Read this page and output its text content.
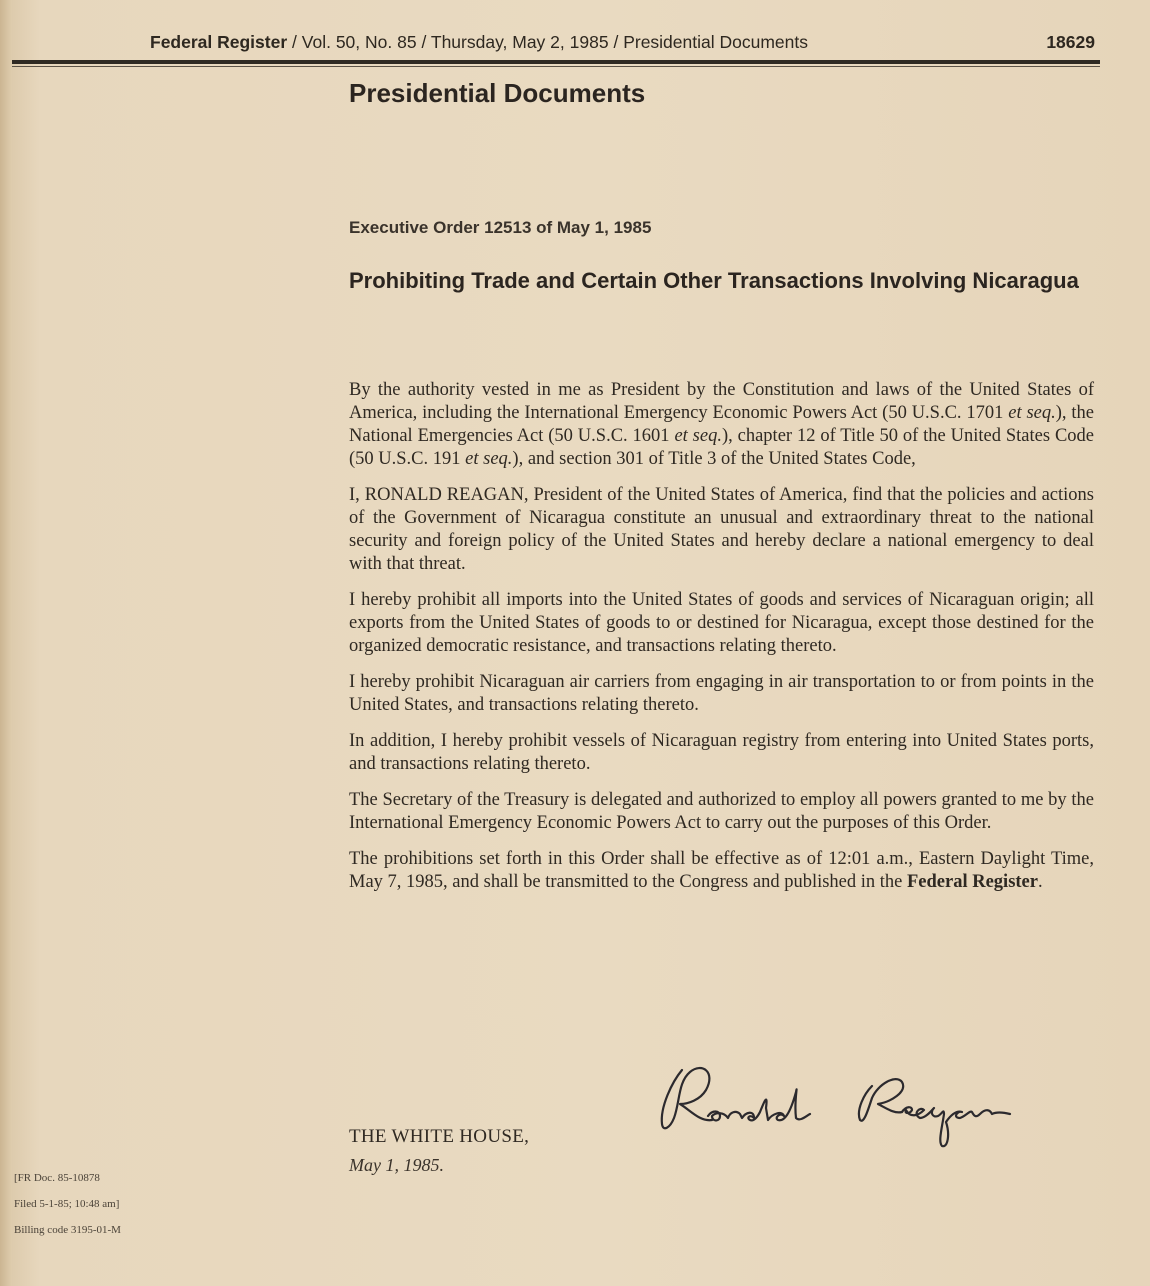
Federal Register / Vol. 50, No. 85 / Thursday, May 2, 1985 / Presidential Documents	18629
Presidential Documents
Executive Order 12513 of May 1, 1985
Prohibiting Trade and Certain Other Transactions Involving Nicaragua

By the authority vested in me as President by the Constitution and laws of the United States of America, including the International Emergency Economic Powers Act (50 U.S.C. 1701 et seq.), the National Emergencies Act (50 U.S.C. 1601 et seq.), chapter 12 of Title 50 of the United States Code (50 U.S.C. 191 et seq.), and section 301 of Title 3 of the United States Code,

I, RONALD REAGAN, President of the United States of America, find that the policies and actions of the Government of Nicaragua constitute an unusual and extraordinary threat to the national security and foreign policy of the United States and hereby declare a national emergency to deal with that threat.

I hereby prohibit all imports into the United States of goods and services of Nicaraguan origin; all exports from the United States of goods to or destined for Nicaragua, except those destined for the organized democratic resistance, and transactions relating thereto.

I hereby prohibit Nicaraguan air carriers from engaging in air transportation to or from points in the United States, and transactions relating thereto.

In addition, I hereby prohibit vessels of Nicaraguan registry from entering into United States ports, and transactions relating thereto.

The Secretary of the Treasury is delegated and authorized to employ all powers granted to me by the International Emergency Economic Powers Act to carry out the purposes of this Order.

The prohibitions set forth in this Order shall be effective as of 12:01 a.m., Eastern Daylight Time, May 7, 1985, and shall be transmitted to the Congress and published in the Federal Register.

THE WHITE HOUSE,
May 1, 1985.
[FR Doc. 85-10878
Filed 5-1-85; 10:48 am]
Billing code 3195-01-M
